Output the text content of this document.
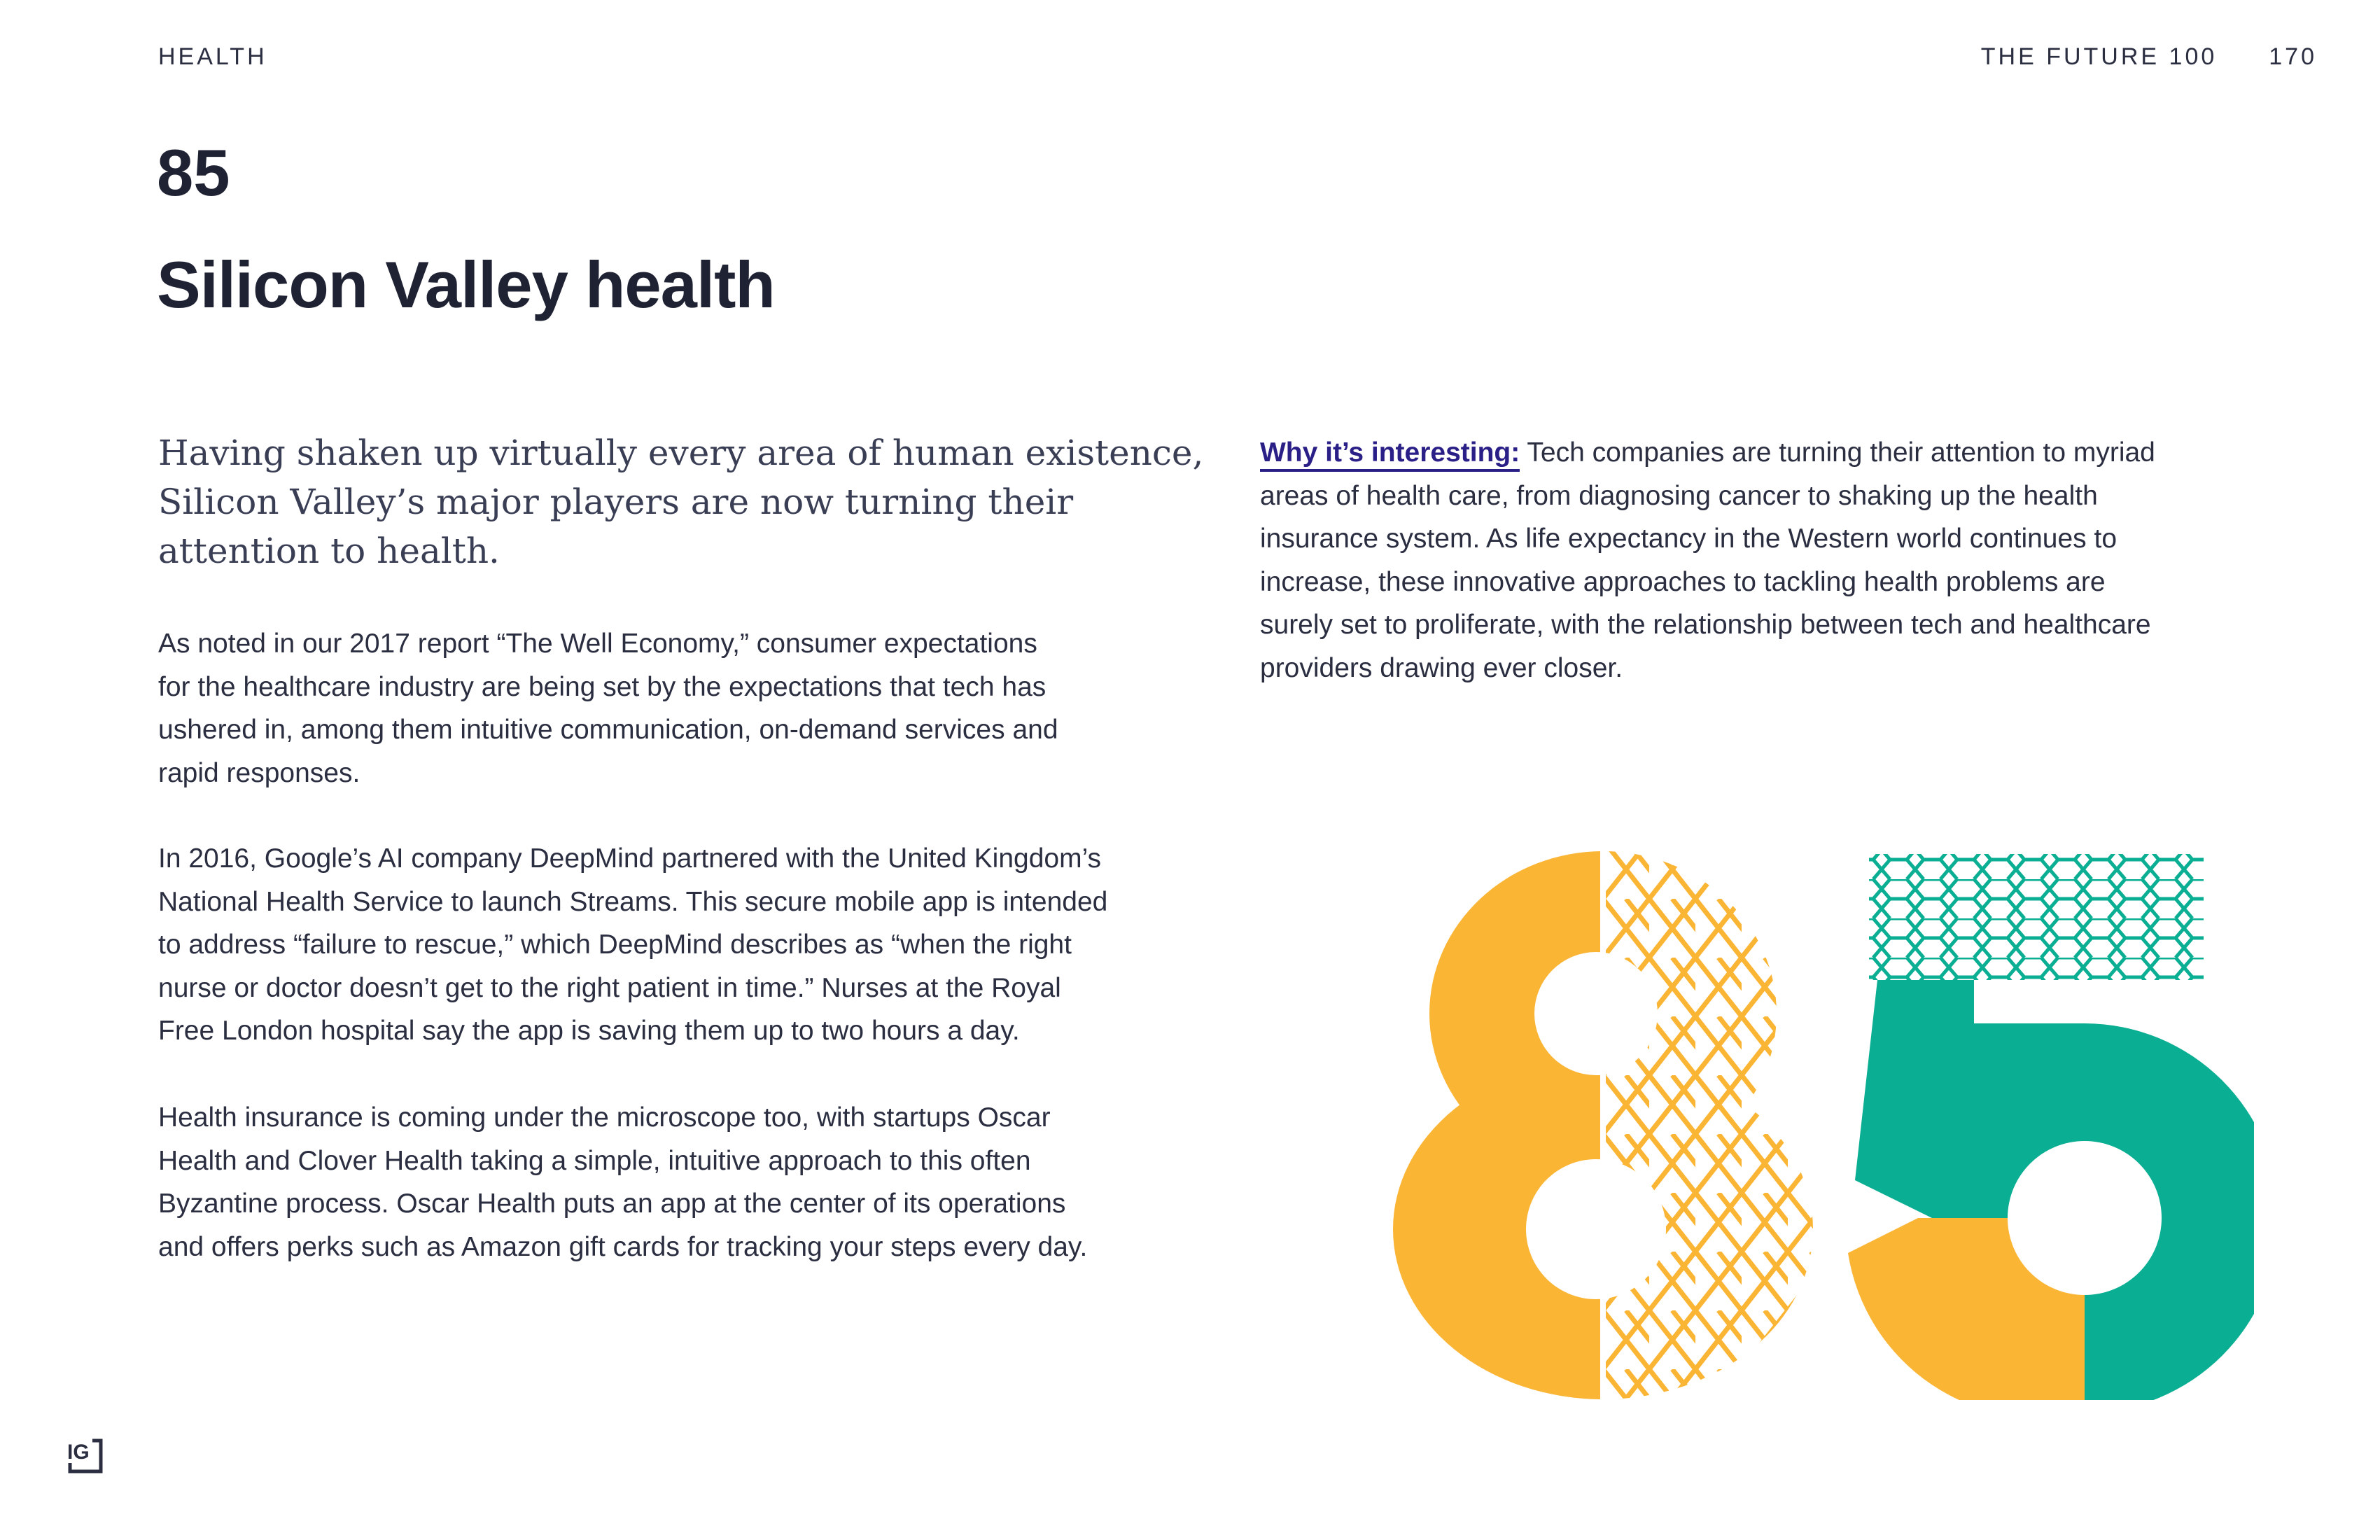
HEALTH	THE FUTURE 100 170
85
Silicon Valley health
Having shaken up virtually every area of human existence,
Silicon Valley’s major players are now turning their
attention to health.
As noted in our 2017 report “The Well Economy,” consumer expectations
for the healthcare industry are being set by the expectations that tech has
ushered in, among them intuitive communication, on-demand services and
rapid responses.
In 2016, Google’s AI company DeepMind partnered with the United Kingdom’s
National Health Service to launch Streams. This secure mobile app is intended
to address “failure to rescue,” which DeepMind describes as “when the right
nurse or doctor doesn’t get to the right patient in time.” Nurses at the Royal
Free London hospital say the app is saving them up to two hours a day.
Health insurance is coming under the microscope too, with startups Oscar
Health and Clover Health taking a simple, intuitive approach to this often
Byzantine process. Oscar Health puts an app at the center of its operations
and offers perks such as Amazon gift cards for tracking your steps every day.
Why it’s interesting: Tech companies are turning their attention to myriad
areas of health care, from diagnosing cancer to shaking up the health
insurance system. As life expectancy in the Western world continues to
increase, these innovative approaches to tackling health problems are
surely set to proliferate, with the relationship between tech and healthcare
providers drawing ever closer.
IG
